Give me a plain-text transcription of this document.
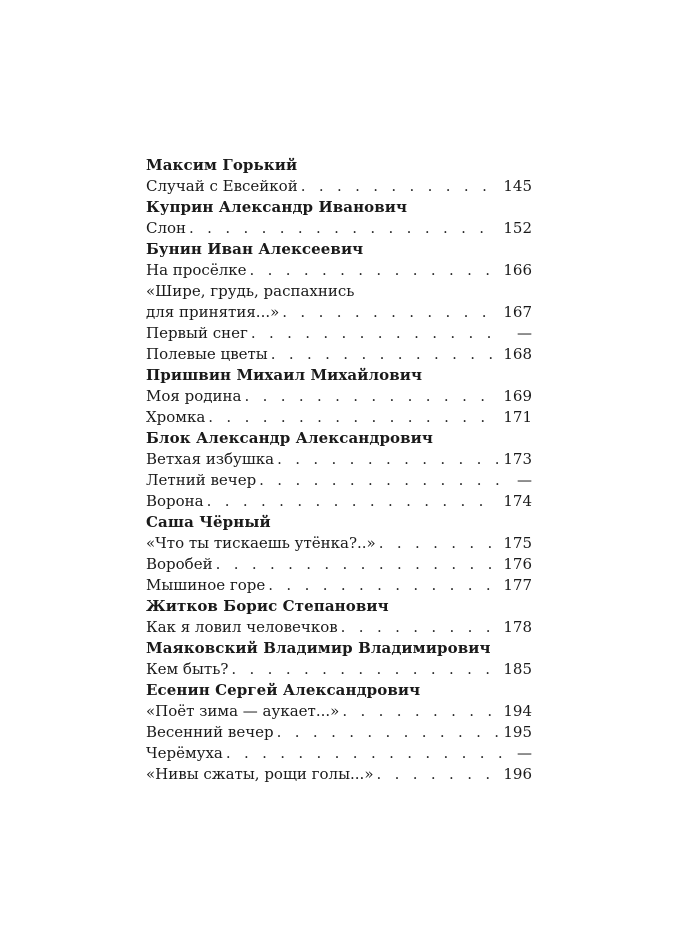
Максим Горький
Случай с Евсейкой . . .	145
Куприн Александр Иванович
Слон . . .	152
Бунин Иван Алексеевич
На просёлке . . .	166
«Шире, грудь, распахнись
для принятия...» . . .	167
Первый снег . . .	—
Полевые цветы . . .	168
Пришвин Михаил Михайлович
Моя родина . . .	169
Хромка . . .	171
Блок Александр Александрович
Ветхая избушка . . .	173
Летний вечер . . .	—
Ворона . . .	174
Саша Чёрный
«Что ты тискаешь утёнка?..» . . .	175
Воробей . . .	176
Мышиное горе . . .	177
Житков Борис Степанович
Как я ловил человечков . . .	178
Маяковский Владимир Владимирович
Кем быть? . . .	185
Есенин Сергей Александрович
«Поёт зима — аукает...» . . .	194
Весенний вечер . . .	195
Черёмуха . . .	—
«Нивы сжаты, рощи голы...» . . .	196
